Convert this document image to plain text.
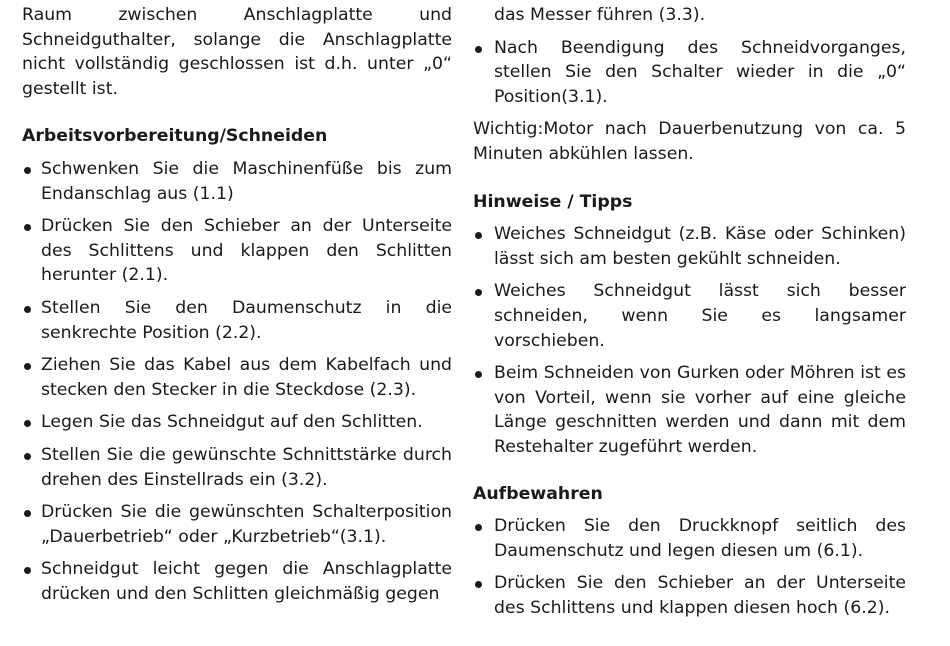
Raum zwischen Anschlagplatte und Schneidguthalter, solange die Anschlagplatte nicht vollständig geschlossen ist d.h. unter „0“ gestellt ist.

Arbeitsvorbereitung/Schneiden
Schwenken Sie die Maschinenfüße bis zum Endanschlag aus (1.1)
Drücken Sie den Schieber an der Unterseite des Schlittens und klappen den Schlitten herunter (2.1).
Stellen Sie den Daumenschutz in die senkrechte Position (2.2).
Ziehen Sie das Kabel aus dem Kabelfach und stecken den Stecker in die Steckdose (2.3).
Legen Sie das Schneidgut auf den Schlitten.
Stellen Sie die gewünschte Schnittstärke durch drehen des Einstellrads ein (3.2).
Drücken Sie die gewünschten Schalterposition „Dauerbetrieb“ oder „Kurzbetrieb“(3.1).
Schneidgut leicht gegen die Anschlagplatte drücken und den Schlitten gleichmäßig gegen

das Messer führen (3.3).

Nach Beendigung des Schneidvorganges, stellen Sie den Schalter wieder in die „0“ Position(3.1).

Wichtig:Motor nach Dauerbenutzung von ca. 5 Minuten abkühlen lassen.

Hinweise / Tipps
Weiches Schneidgut (z.B. Käse oder Schinken) lässt sich am besten gekühlt schneiden.
Weiches Schneidgut lässt sich besser schneiden, wenn Sie es langsamer vorschieben.
Beim Schneiden von Gurken oder Möhren ist es von Vorteil, wenn sie vorher auf eine gleiche Länge geschnitten werden und dann mit dem Restehalter zugeführt werden.
Aufbewahren
Drücken Sie den Druckknopf seitlich des Daumenschutz und legen diesen um (6.1).
Drücken Sie den Schieber an der Unterseite des Schlittens und klappen diesen hoch (6.2).
